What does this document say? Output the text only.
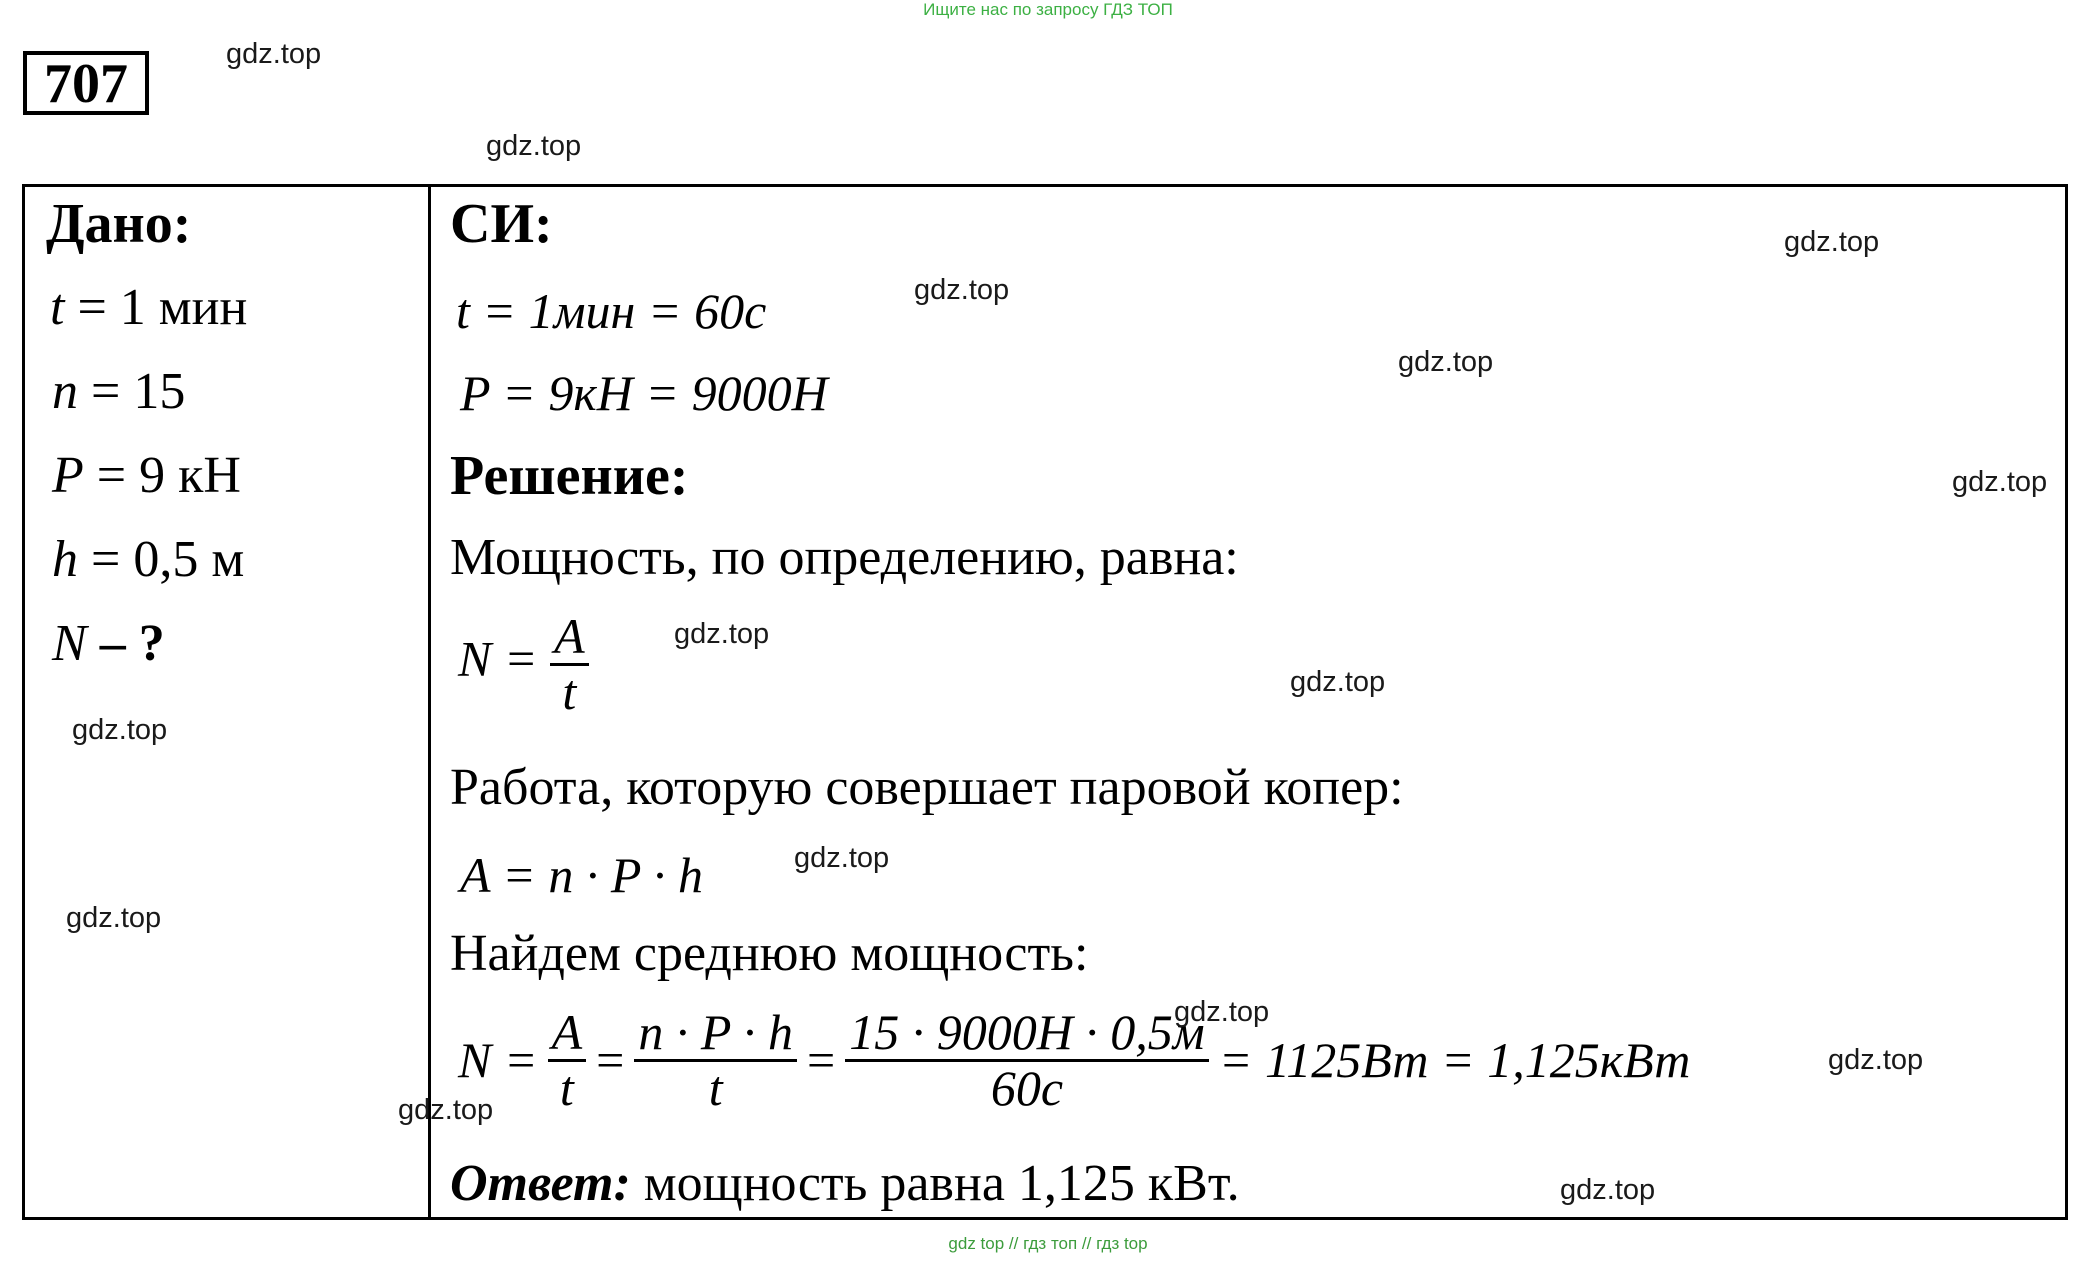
Ищите нас по запросу ГДЗ ТОП
707
Дано:
t = 1 мин
n = 15
P = 9 кН
h = 0,5 м
N – ?
СИ:
t = 1мин = 60с
P = 9кН = 9000Н
Решение:
Мощность, по определению, равна:
$N = \frac{A}{t}$
Работа, которую совершает паровой копер:
A = n · P · h
Найдем среднюю мощность:
$N = \frac{A}{t} = \frac{n \cdot P \cdot h}{t} = \frac{15 \cdot 9000Н \cdot 0,5м}{60с} = 1125Вт = 1,125кВт$
Ответ: мощность равна 1,125 кВт.
gdz.top
gdz.top
gdz.top
gdz.top
gdz.top
gdz.top
gdz.top
gdz.top
gdz.top
gdz.top
gdz.top
gdz.top
gdz.top
gdz.top
gdz.top
gdz top // гдз топ // гдз top
